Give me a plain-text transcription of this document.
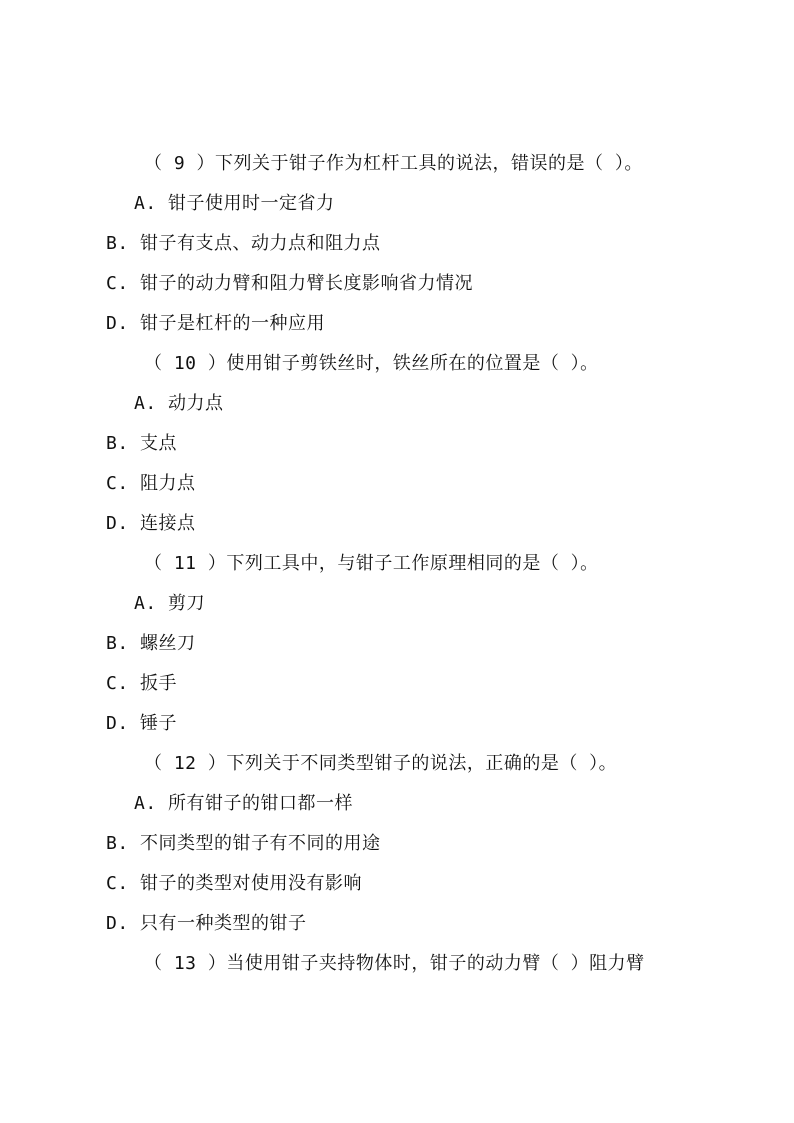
（ 9 ）下列关于钳子作为杠杆工具的说法，错误的是（ ）。
A. 钳子使用时一定省力
B. 钳子有支点、动力点和阻力点
C. 钳子的动力臂和阻力臂长度影响省力情况
D. 钳子是杠杆的一种应用
（ 10 ）使用钳子剪铁丝时，铁丝所在的位置是（ ）。
A. 动力点
B. 支点
C. 阻力点
D. 连接点
（ 11 ）下列工具中，与钳子工作原理相同的是（ ）。
A. 剪刀
B. 螺丝刀
C. 扳手
D. 锤子
（ 12 ）下列关于不同类型钳子的说法，正确的是（ ）。
A. 所有钳子的钳口都一样
B. 不同类型的钳子有不同的用途
C. 钳子的类型对使用没有影响
D. 只有一种类型的钳子
（ 13 ）当使用钳子夹持物体时，钳子的动力臂（ ）阻力臂
